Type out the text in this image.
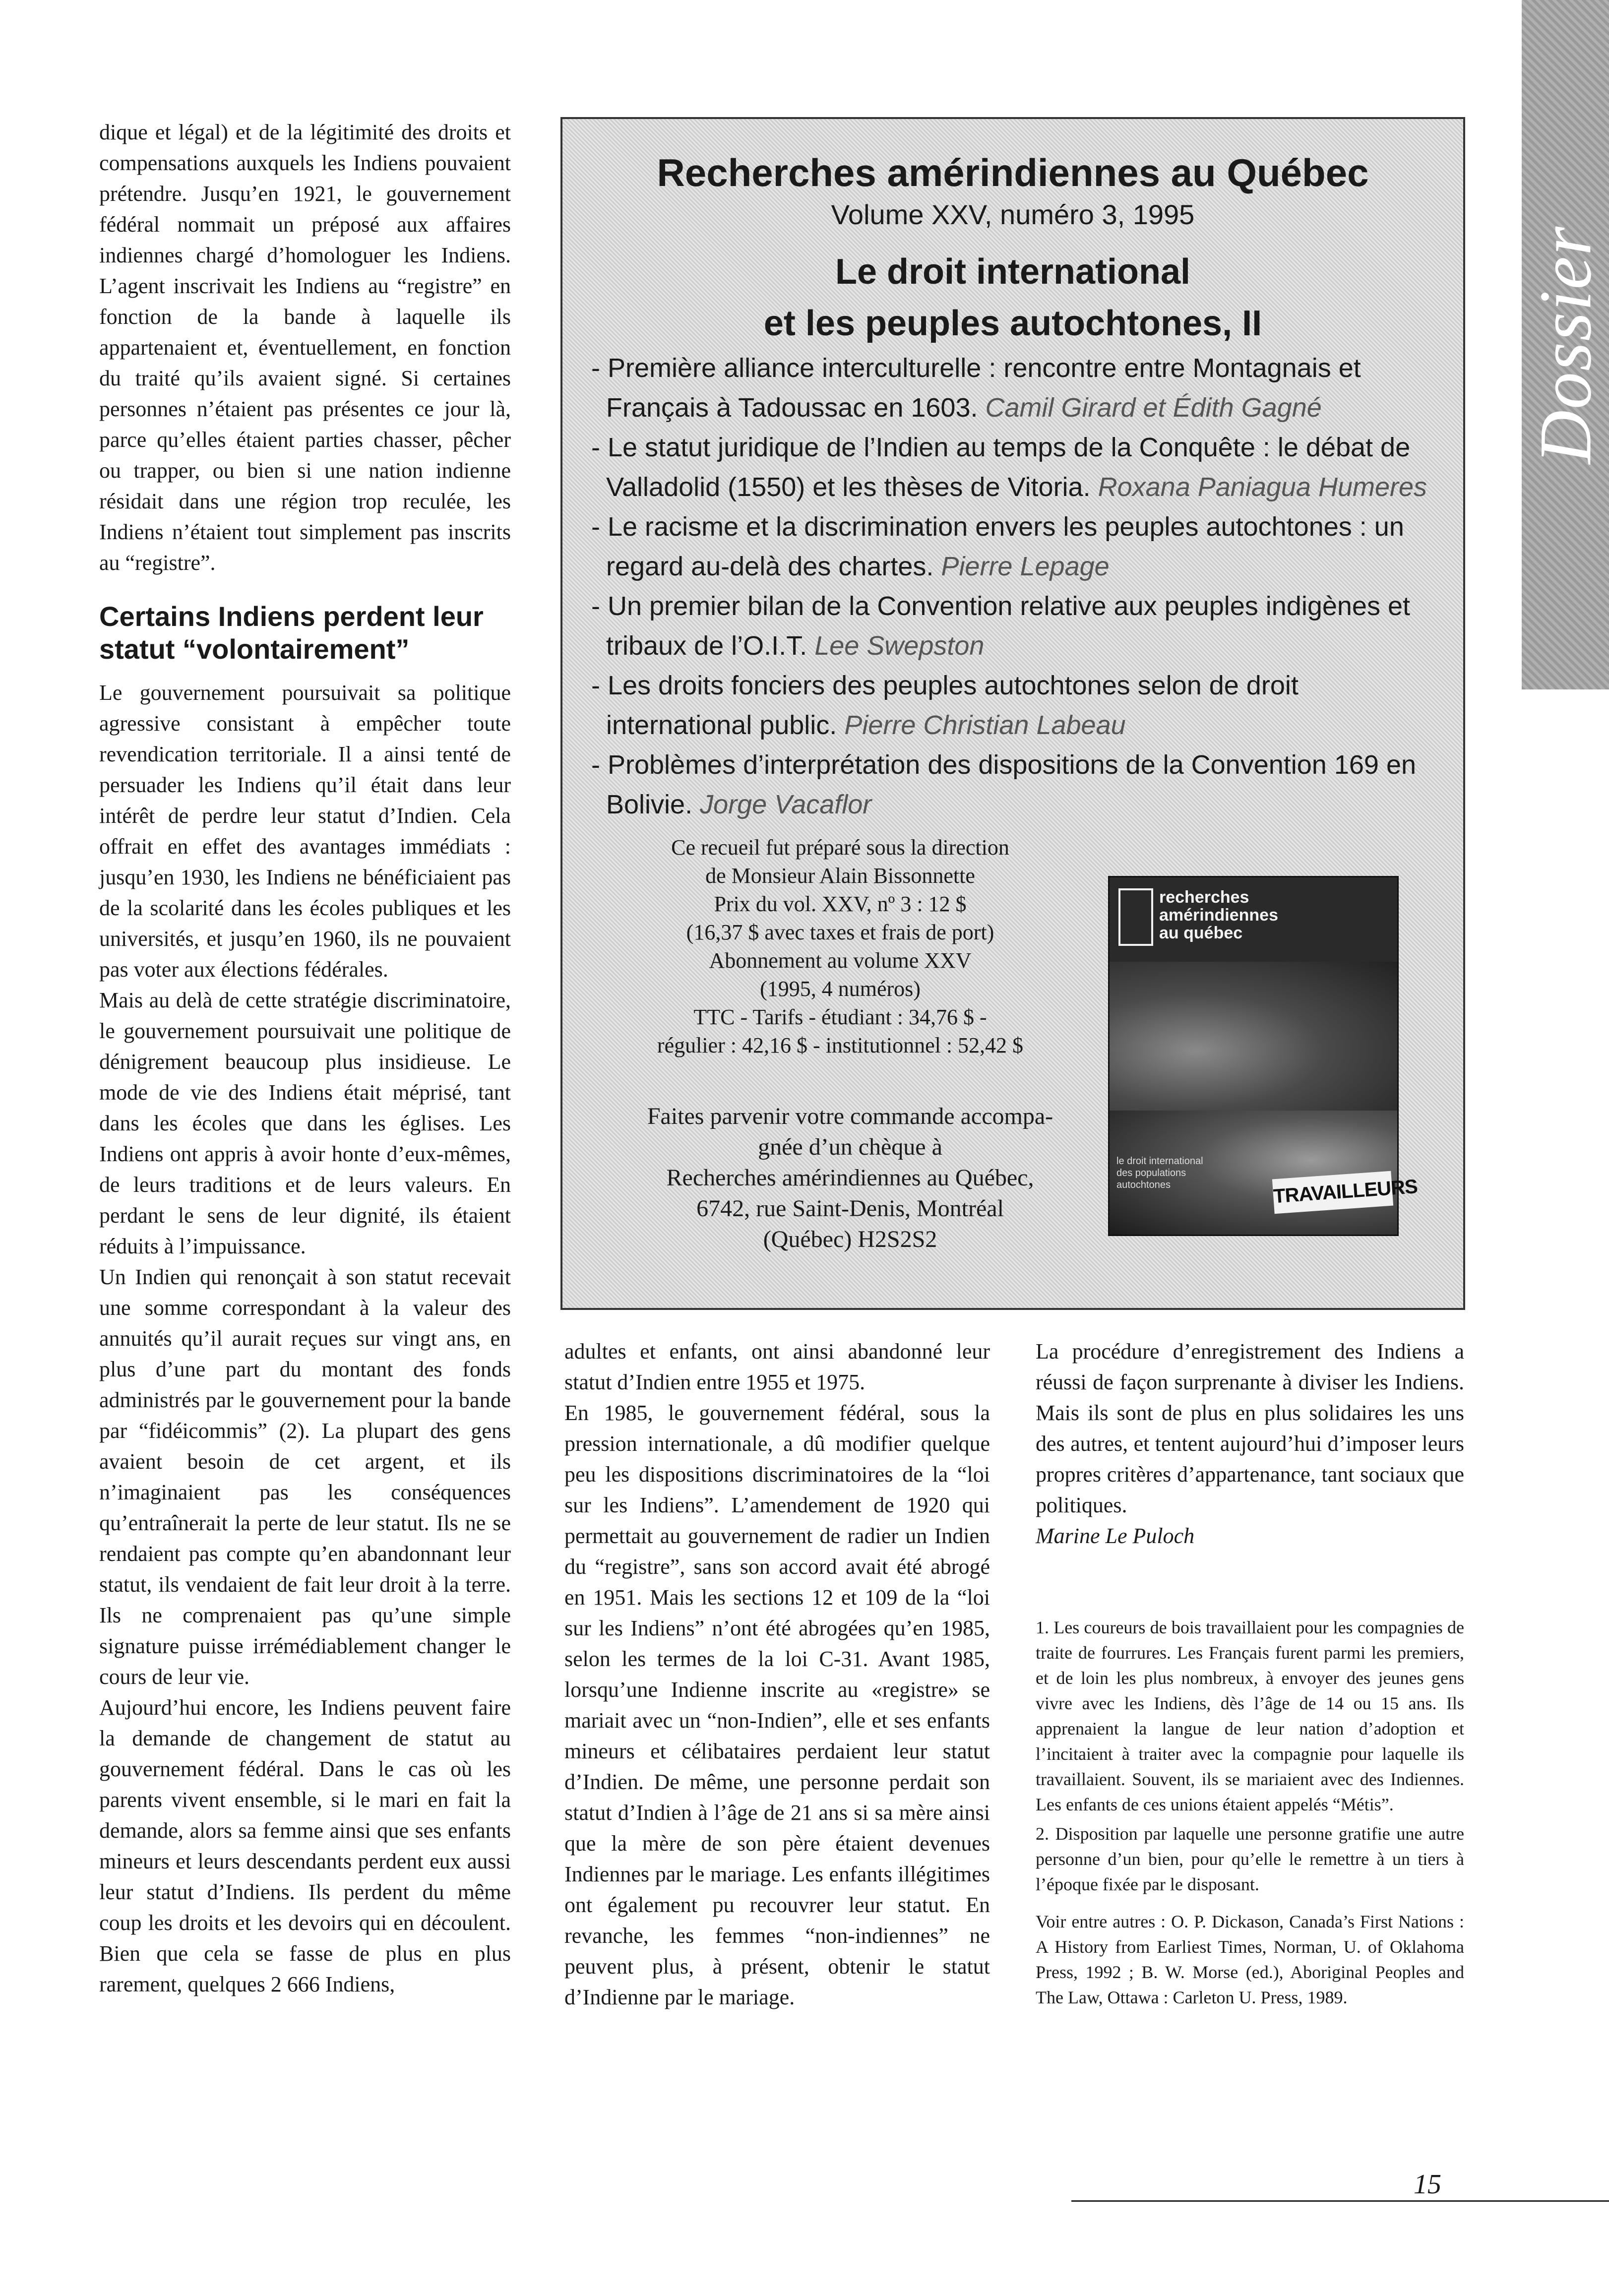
Dossier

dique et légal) et de la légitimité des droits et compensations auxquels les Indiens pouvaient prétendre. Jusqu’en 1921, le gouvernement fédéral nommait un préposé aux affaires indiennes chargé d’homologuer les Indiens. L’agent inscrivait les Indiens au “registre” en fonction de la bande à laquelle ils appartenaient et, éventuellement, en fonction du traité qu’ils avaient signé. Si certaines personnes n’étaient pas présentes ce jour là, parce qu’elles étaient parties chasser, pêcher ou trapper, ou bien si une nation indienne résidait dans une région trop reculée, les Indiens n’étaient tout simplement pas inscrits au “registre”.

Certains Indiens perdent leur statut “volontairement”

Le gouvernement poursuivait sa politique agressive consistant à empêcher toute revendication territoriale. Il a ainsi tenté de persuader les Indiens qu’il était dans leur intérêt de perdre leur statut d’Indien. Cela offrait en effet des avantages immédiats : jusqu’en 1930, les Indiens ne bénéficiaient pas de la scolarité dans les écoles publiques et les universités, et jusqu’en 1960, ils ne pouvaient pas voter aux élections fédérales.

Mais au delà de cette stratégie discriminatoire, le gouvernement poursuivait une politique de dénigrement beaucoup plus insidieuse. Le mode de vie des Indiens était méprisé, tant dans les écoles que dans les églises. Les Indiens ont appris à avoir honte d’eux-mêmes, de leurs traditions et de leurs valeurs. En perdant le sens de leur dignité, ils étaient réduits à l’impuissance.

Un Indien qui renonçait à son statut recevait une somme correspondant à la valeur des annuités qu’il aurait reçues sur vingt ans, en plus d’une part du montant des fonds administrés par le gouvernement pour la bande par “fidéicommis” (2). La plupart des gens avaient besoin de cet argent, et ils n’imaginaient pas les conséquences qu’entraînerait la perte de leur statut. Ils ne se rendaient pas compte qu’en abandonnant leur statut, ils vendaient de fait leur droit à la terre. Ils ne comprenaient pas qu’une simple signature puisse irrémédiablement changer le cours de leur vie.

Aujourd’hui encore, les Indiens peuvent faire la demande de changement de statut au gouvernement fédéral. Dans le cas où les parents vivent ensemble, si le mari en fait la demande, alors sa femme ainsi que ses enfants mineurs et leurs descendants perdent eux aussi leur statut d’Indiens. Ils perdent du même coup les droits et les devoirs qui en découlent. Bien que cela se fasse de plus en plus rarement, quelques 2 666 Indiens,

Recherches amérindiennes au Québec
Volume XXV, numéro 3, 1995
Le droit international
et les peuples autochtones, II
- Première alliance interculturelle : rencontre entre Montagnais et Français à Tadoussac en 1603. Camil Girard et Édith Gagné
- Le statut juridique de l’Indien au temps de la Conquête : le débat de Valladolid (1550) et les thèses de Vitoria. Roxana Paniagua Humeres
- Le racisme et la discrimination envers les peuples autochtones : un regard au-delà des chartes. Pierre Lepage
- Un premier bilan de la Convention relative aux peuples indigènes et tribaux de l’O.I.T. Lee Swepston
- Les droits fonciers des peuples autochtones selon de droit international public. Pierre Christian Labeau
- Problèmes d’interprétation des dispositions de la Convention 169 en Bolivie. Jorge Vacaflor
Ce recueil fut préparé sous la direction
de Monsieur Alain Bissonnette
Prix du vol. XXV, nº 3 : 12 $
(16,37 $ avec taxes et frais de port)
Abonnement au volume XXV
(1995, 4 numéros)
TTC - Tarifs - étudiant : 34,76 $ -
régulier : 42,16 $ - institutionnel : 52,42 $
Faites parvenir votre commande accompa-
gnée d’un chèque à
Recherches amérindiennes au Québec,
6742, rue Saint-Denis, Montréal
(Québec) H2S2S2
recherches
amérindiennes
au québec
le droit international des populations autochtones	TRAVAILLEURS

adultes et enfants, ont ainsi abandonné leur statut d’Indien entre 1955 et 1975.

En 1985, le gouvernement fédéral, sous la pression internationale, a dû modifier quelque peu les dispositions discriminatoires de la “loi sur les Indiens”. L’amendement de 1920 qui permettait au gouvernement de radier un Indien du “registre”, sans son accord avait été abrogé en 1951. Mais les sections 12 et 109 de la “loi sur les Indiens” n’ont été abrogées qu’en 1985, selon les termes de la loi C-31. Avant 1985, lorsqu’une Indienne inscrite au «registre» se mariait avec un “non-Indien”, elle et ses enfants mineurs et célibataires perdaient leur statut d’Indien. De même, une personne perdait son statut d’Indien à l’âge de 21 ans si sa mère ainsi que la mère de son père étaient devenues Indiennes par le mariage. Les enfants illégitimes ont également pu recouvrer leur statut. En revanche, les femmes “non-indiennes” ne peuvent plus, à présent, obtenir le statut d’Indienne par le mariage.

La procédure d’enregistrement des Indiens a réussi de façon surprenante à diviser les Indiens. Mais ils sont de plus en plus solidaires les uns des autres, et tentent aujourd’hui d’imposer leurs propres critères d’appartenance, tant sociaux que politiques.

Marine Le Puloch

1. Les coureurs de bois travaillaient pour les compagnies de traite de fourrures. Les Français furent parmi les premiers, et de loin les plus nombreux, à envoyer des jeunes gens vivre avec les Indiens, dès l’âge de 14 ou 15 ans. Ils apprenaient la langue de leur nation d’adoption et l’incitaient à traiter avec la compagnie pour laquelle ils travaillaient. Souvent, ils se mariaient avec des Indiennes. Les enfants de ces unions étaient appelés “Métis”.

2. Disposition par laquelle une personne gratifie une autre personne d’un bien, pour qu’elle le remettre à un tiers à l’époque fixée par le disposant.

Voir entre autres : O. P. Dickason, Canada’s First Nations : A History from Earliest Times, Norman, U. of Oklahoma Press, 1992 ; B. W. Morse (ed.), Aboriginal Peoples and The Law, Ottawa : Carleton U. Press, 1989.

15
